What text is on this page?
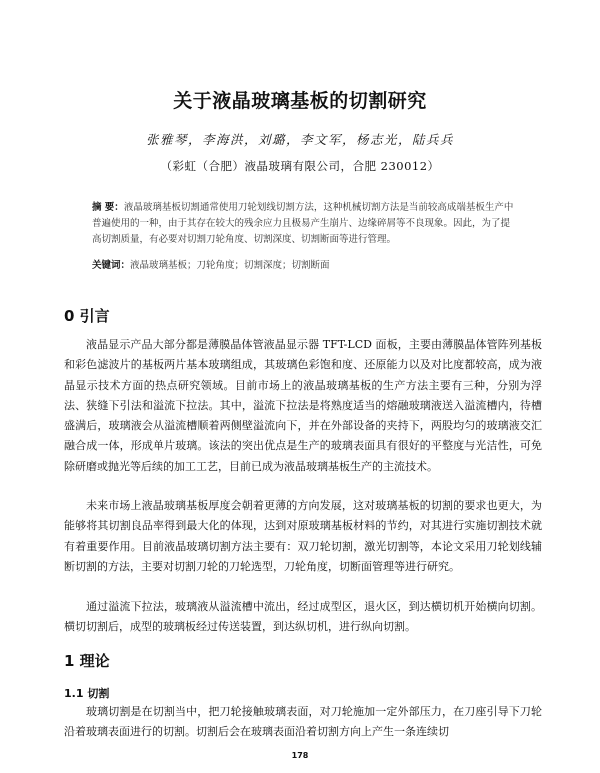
关于液晶玻璃基板的切割研究
张雅琴，李海洪，刘璐，李文军，杨志光，陆兵兵
（彩虹（合肥）液晶玻璃有限公司，合肥 230012）
摘 要：液晶玻璃基板切割通常使用刀轮划线切割方法，这种机械切割方法是当前较高成端基板生产中普遍使用的一种，由于其存在较大的残余应力且极易产生崩片、边缘碎屑等不良现象。因此，为了提高切割质量，有必要对切割刀轮角度、切割深度、切割断面等进行管理。
关键词：液晶玻璃基板；刀轮角度；切割深度；切割断面
0 引言
液晶显示产品大部分都是薄膜晶体管液晶显示器 TFT-LCD 面板，主要由薄膜晶体管阵列基板和彩色滤波片的基板两片基本玻璃组成，其玻璃色彩饱和度、还原能力以及对比度都较高，成为液晶显示技术方面的热点研究领域。目前市场上的液晶玻璃基板的生产方法主要有三种，分别为浮法、狭缝下引法和溢流下拉法。其中，溢流下拉法是将熟度适当的熔融玻璃液送入溢流槽内，待槽盛满后，玻璃液会从溢流槽顺着两侧壁溢流向下，并在外部设备的夹持下，两股均匀的玻璃液交汇融合成一体，形成单片玻璃。该法的突出优点是生产的玻璃表面具有很好的平整度与光洁性，可免除研磨或抛光等后续的加工工艺，目前已成为液晶玻璃基板生产的主流技术。
未来市场上液晶玻璃基板厚度会朝着更薄的方向发展，这对玻璃基板的切割的要求也更大，为能够将其切割良品率得到最大化的体现，达到对原玻璃基板材料的节约，对其进行实施切割技术就有着重要作用。目前液晶玻璃切割方法主要有：双刀轮切割，激光切割等，本论文采用刀轮划线辅断切割的方法，主要对切割刀轮的刀轮选型，刀轮角度，切断面管理等进行研究。
通过溢流下拉法，玻璃液从溢流槽中流出，经过成型区，退火区，到达横切机开始横向切割。横切切割后，成型的玻璃板经过传送装置，到达纵切机，进行纵向切割。
1 理论
1.1 切割
玻璃切割是在切割当中，把刀轮接触玻璃表面，对刀轮施加一定外部压力，在刀座引导下刀轮沿着玻璃表面进行的切割。切割后会在玻璃表面沿着切割方向上产生一条连续切
178
